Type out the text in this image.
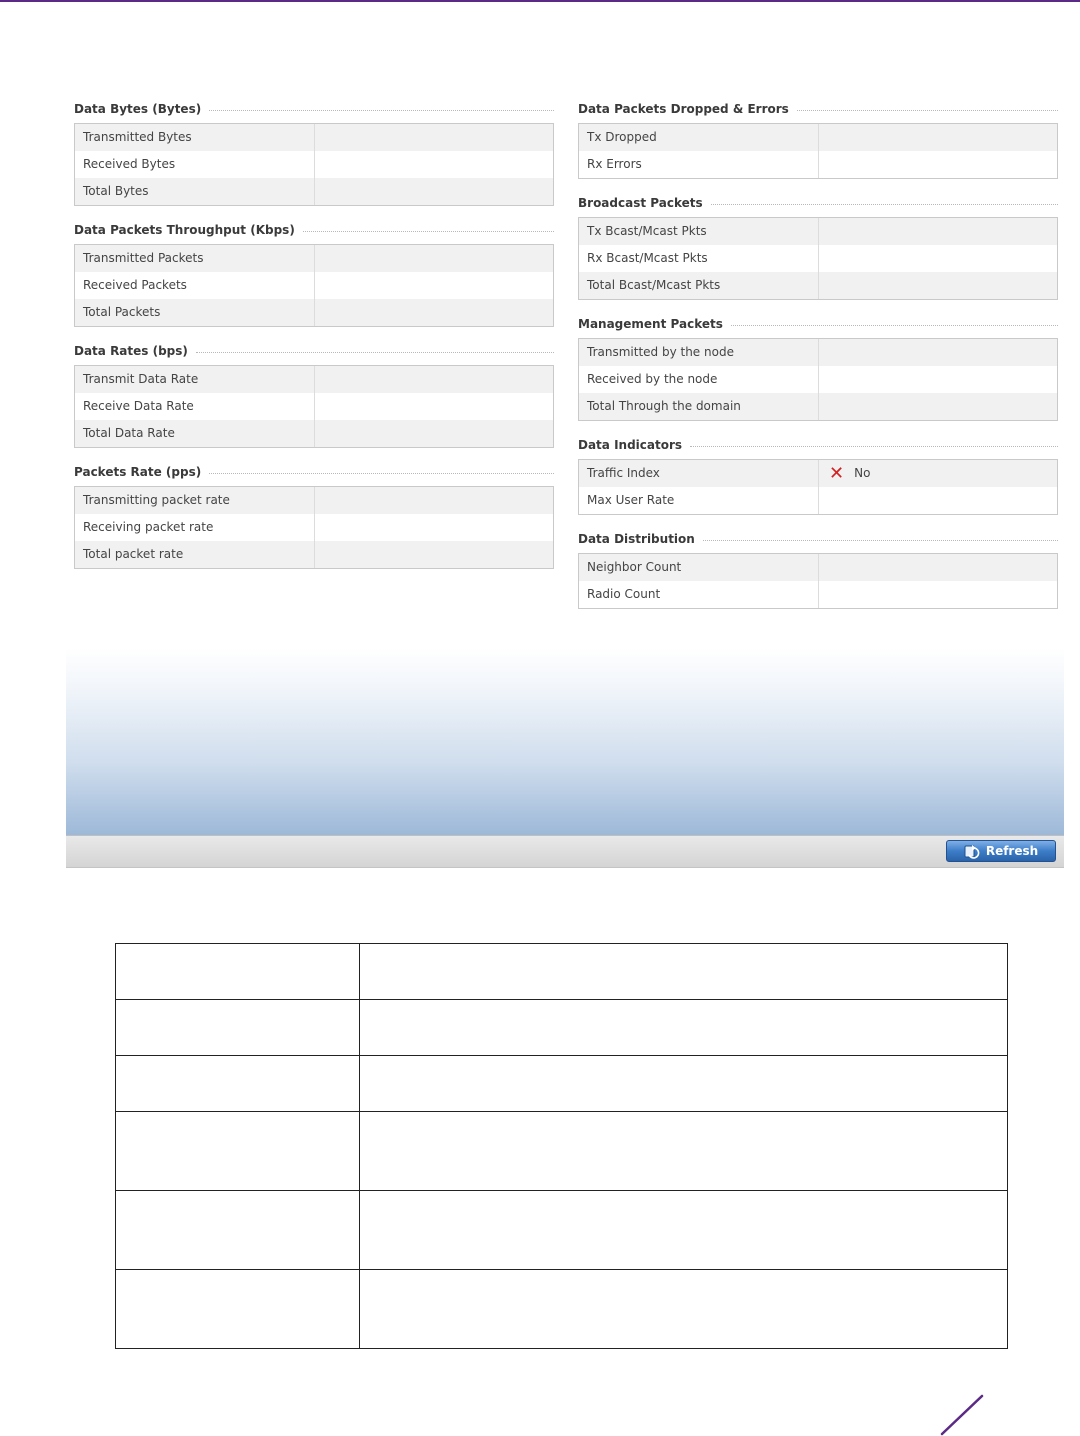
Data Bytes (Bytes)
Transmitted Bytes
Received Bytes
Total Bytes
Data Packets Throughput (Kbps)
Transmitted Packets
Received Packets
Total Packets
Data Rates (bps)
Transmit Data Rate
Receive Data Rate
Total Data Rate
Packets Rate (pps)
Transmitting packet rate
Receiving packet rate
Total packet rate
Data Packets Dropped & Errors
Tx Dropped
Rx Errors
Broadcast Packets
Tx Bcast/Mcast Pkts
Rx Bcast/Mcast Pkts
Total Bcast/Mcast Pkts
Management Packets
Transmitted by the node
Received by the node
Total Through the domain
Data Indicators
Traffic Index	✕ No
Max User Rate
Data Distribution
Neighbor Count
Radio Count
Refresh
